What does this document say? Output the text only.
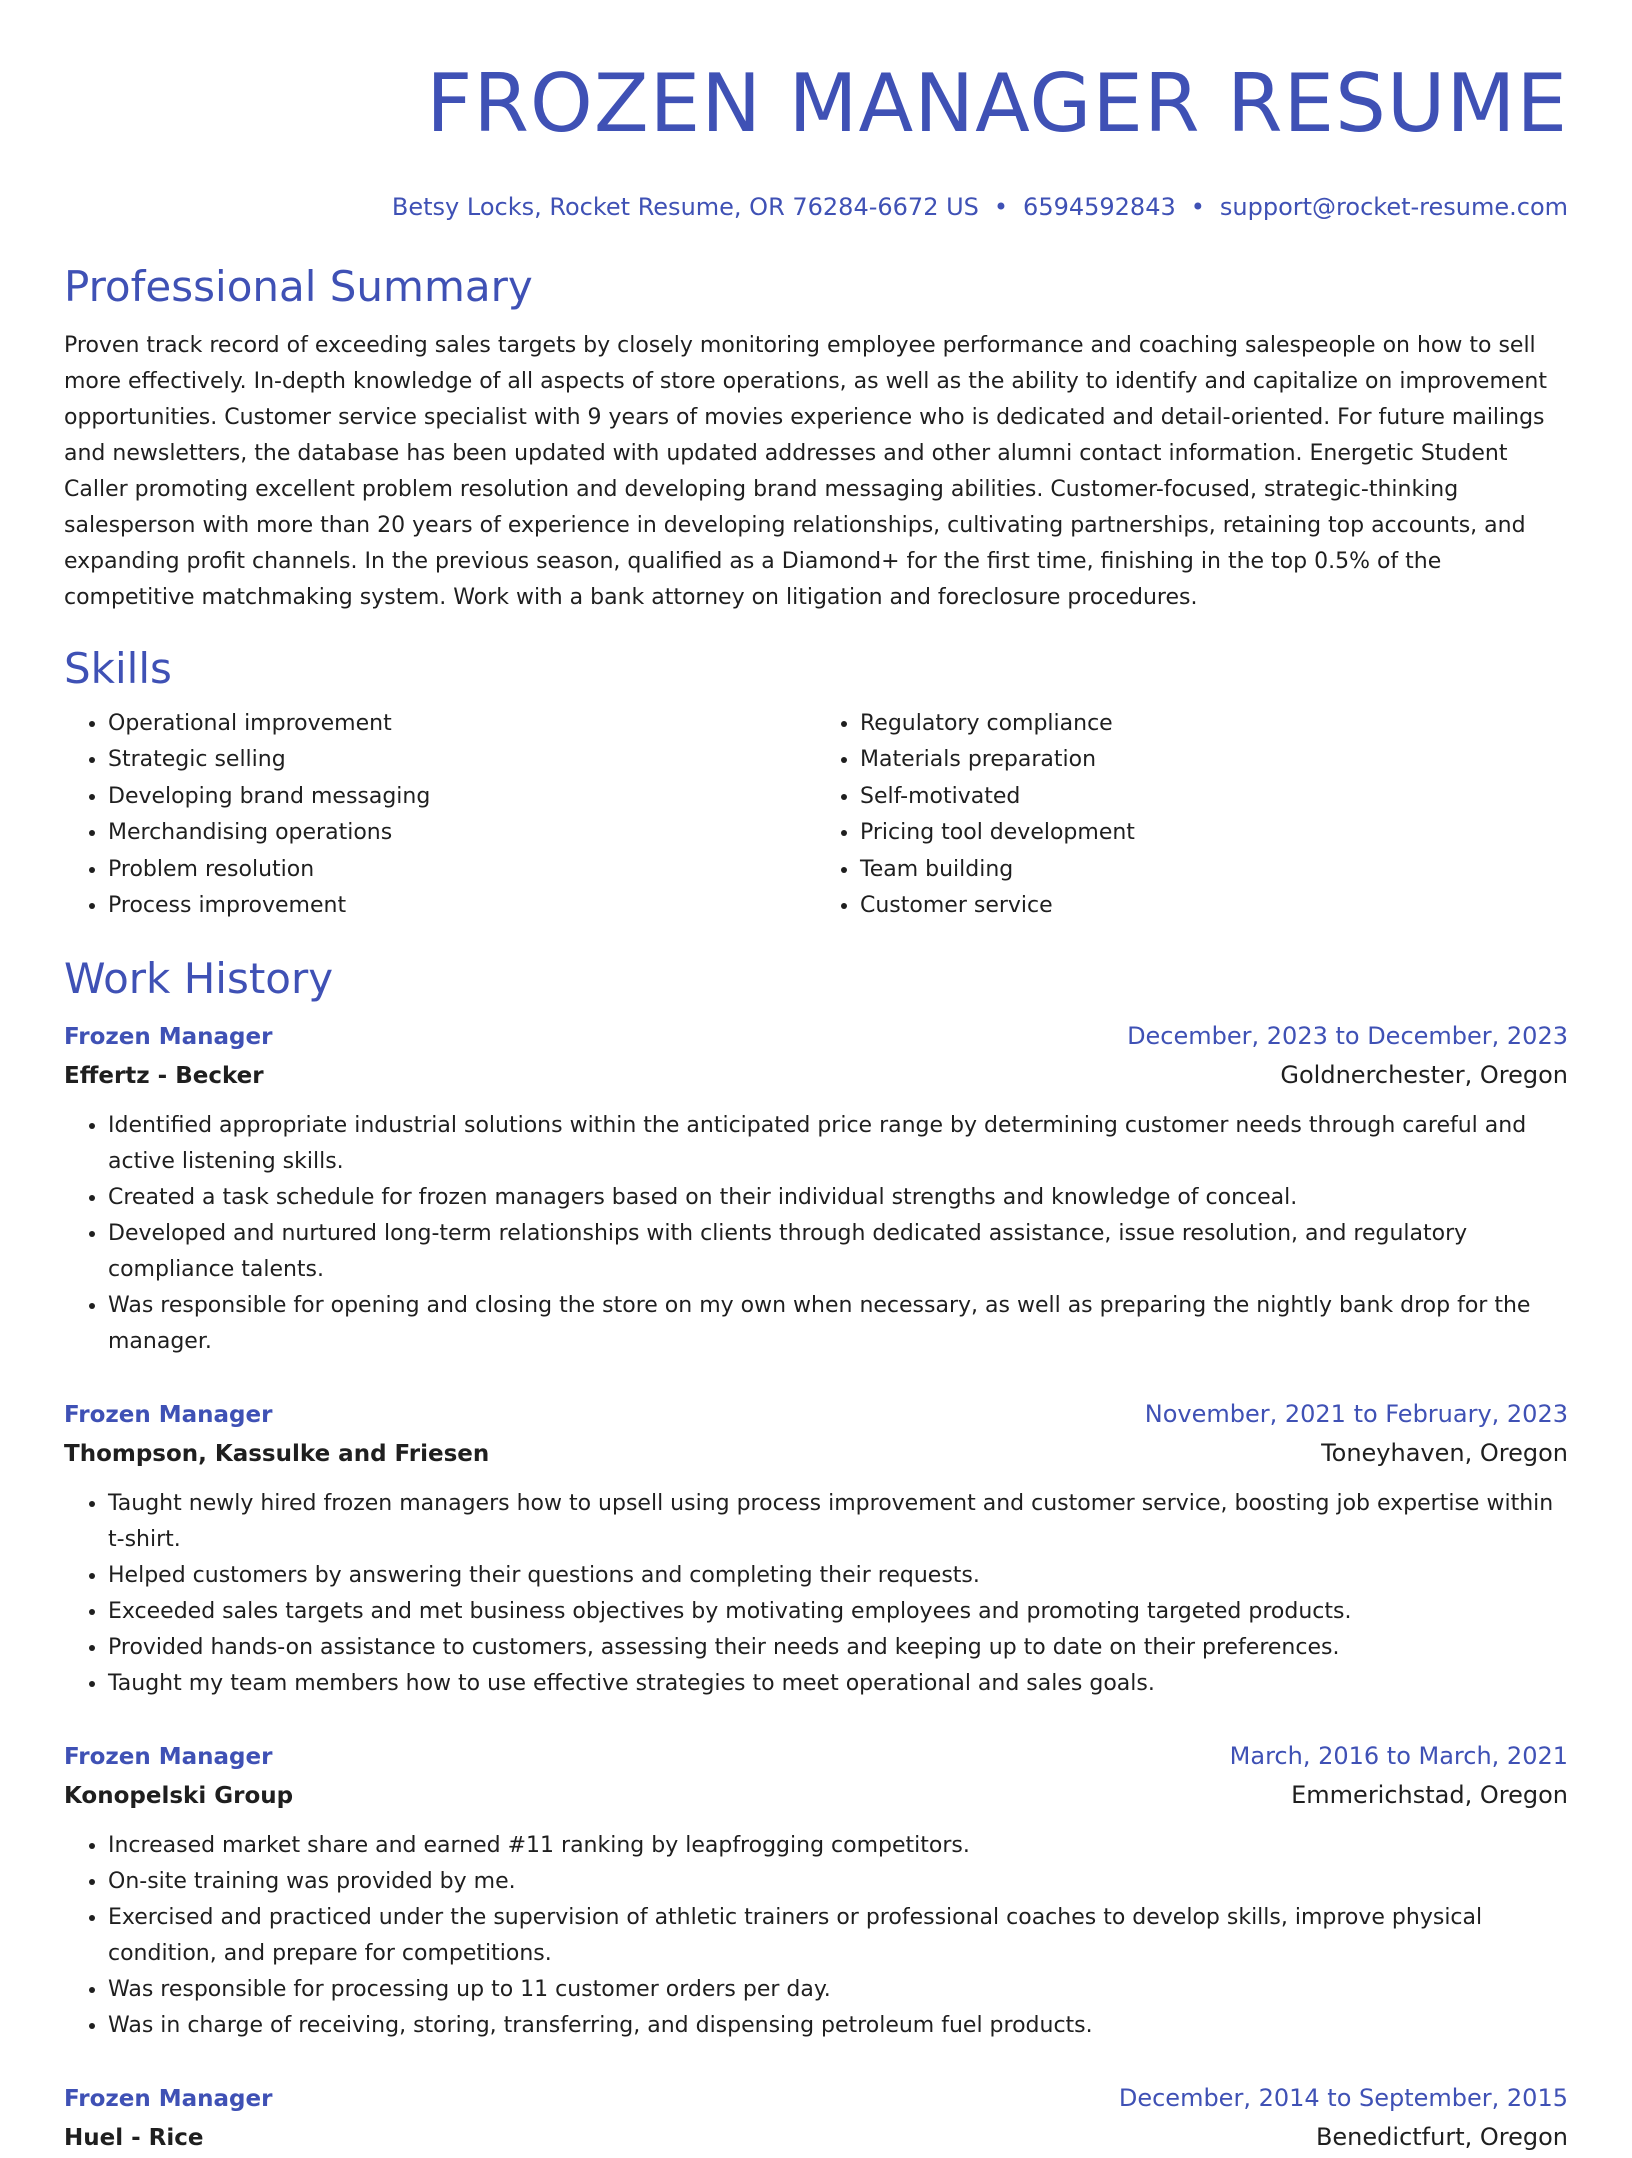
FROZEN MANAGER RESUME
Betsy Locks, Rocket Resume, OR 76284-6672 US • 6594592843 • support@rocket-resume.com
Professional Summary
Proven track record of exceeding sales targets by closely monitoring employee performance and coaching salespeople on how to sell more effectively. In-depth knowledge of all aspects of store operations, as well as the ability to identify and capitalize on improvement opportunities. Customer service specialist with 9 years of movies experience who is dedicated and detail-oriented. For future mailings and newsletters, the database has been updated with updated addresses and other alumni contact information. Energetic Student Caller promoting excellent problem resolution and developing brand messaging abilities. Customer-focused, strategic-thinking salesperson with more than 20 years of experience in developing relationships, cultivating partnerships, retaining top accounts, and expanding profit channels. In the previous season, qualified as a Diamond+ for the first time, finishing in the top 0.5% of the competitive matchmaking system. Work with a bank attorney on litigation and foreclosure procedures.
Skills
• Operational improvement
• Strategic selling
• Developing brand messaging
• Merchandising operations
• Problem resolution
• Process improvement
• Regulatory compliance
• Materials preparation
• Self-motivated
• Pricing tool development
• Team building
• Customer service
Work History
Frozen Manager	December, 2023 to December, 2023
Effertz - Becker	Goldnerchester, Oregon
• Identified appropriate industrial solutions within the anticipated price range by determining customer needs through careful and active listening skills.
• Created a task schedule for frozen managers based on their individual strengths and knowledge of conceal.
• Developed and nurtured long-term relationships with clients through dedicated assistance, issue resolution, and regulatory compliance talents.
• Was responsible for opening and closing the store on my own when necessary, as well as preparing the nightly bank drop for the manager.
Frozen Manager	November, 2021 to February, 2023
Thompson, Kassulke and Friesen	Toneyhaven, Oregon
• Taught newly hired frozen managers how to upsell using process improvement and customer service, boosting job expertise within t-shirt.
• Helped customers by answering their questions and completing their requests.
• Exceeded sales targets and met business objectives by motivating employees and promoting targeted products.
• Provided hands-on assistance to customers, assessing their needs and keeping up to date on their preferences.
• Taught my team members how to use effective strategies to meet operational and sales goals.
Frozen Manager	March, 2016 to March, 2021
Konopelski Group	Emmerichstad, Oregon
• Increased market share and earned #11 ranking by leapfrogging competitors.
• On-site training was provided by me.
• Exercised and practiced under the supervision of athletic trainers or professional coaches to develop skills, improve physical condition, and prepare for competitions.
• Was responsible for processing up to 11 customer orders per day.
• Was in charge of receiving, storing, transferring, and dispensing petroleum fuel products.
Frozen Manager	December, 2014 to September, 2015
Huel - Rice	Benedictfurt, Oregon
